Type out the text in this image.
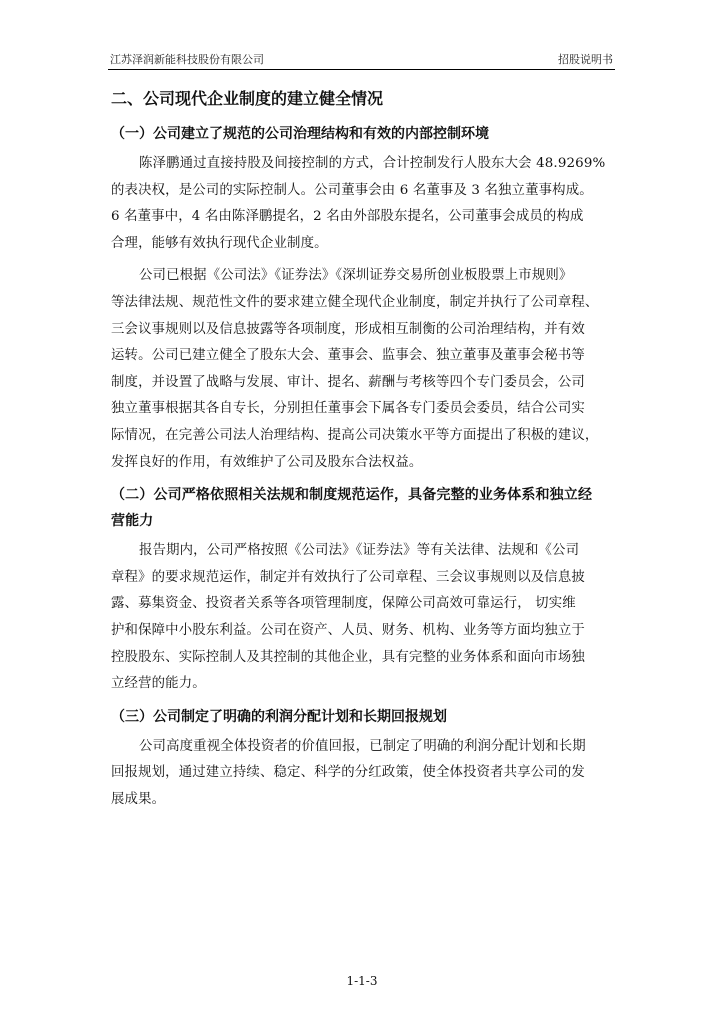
江苏泽润新能科技股份有限公司	招股说明书
二、公司现代企业制度的建立健全情况
（一）公司建立了规范的公司治理结构和有效的内部控制环境
陈泽鹏通过直接持股及间接控制的方式，合计控制发行人股东大会 48.9269%
的表决权，是公司的实际控制人。公司董事会由 6 名董事及 3 名独立董事构成。
6 名董事中，4 名由陈泽鹏提名，2 名由外部股东提名，公司董事会成员的构成
合理，能够有效执行现代企业制度。
公司已根据《公司法》《证券法》《深圳证券交易所创业板股票上市规则》
等法律法规、规范性文件的要求建立健全现代企业制度，制定并执行了公司章程、
三会议事规则以及信息披露等各项制度，形成相互制衡的公司治理结构，并有效
运转。公司已建立健全了股东大会、董事会、监事会、独立董事及董事会秘书等
制度，并设置了战略与发展、审计、提名、薪酬与考核等四个专门委员会，公司
独立董事根据其各自专长，分别担任董事会下属各专门委员会委员，结合公司实
际情况，在完善公司法人治理结构、提高公司决策水平等方面提出了积极的建议，
发挥良好的作用，有效维护了公司及股东合法权益。
（二）公司严格依照相关法规和制度规范运作，具备完整的业务体系和独立经
营能力
报告期内，公司严格按照《公司法》《证券法》等有关法律、法规和《公司
章程》的要求规范运作，制定并有效执行了公司章程、三会议事规则以及信息披
露、募集资金、投资者关系等各项管理制度，保障公司高效可靠运行， 切实维
护和保障中小股东利益。公司在资产、人员、财务、机构、业务等方面均独立于
控股股东、实际控制人及其控制的其他企业，具有完整的业务体系和面向市场独
立经营的能力。
（三）公司制定了明确的利润分配计划和长期回报规划
公司高度重视全体投资者的价值回报，已制定了明确的利润分配计划和长期
回报规划，通过建立持续、稳定、科学的分红政策，使全体投资者共享公司的发
展成果。
1-1-3
